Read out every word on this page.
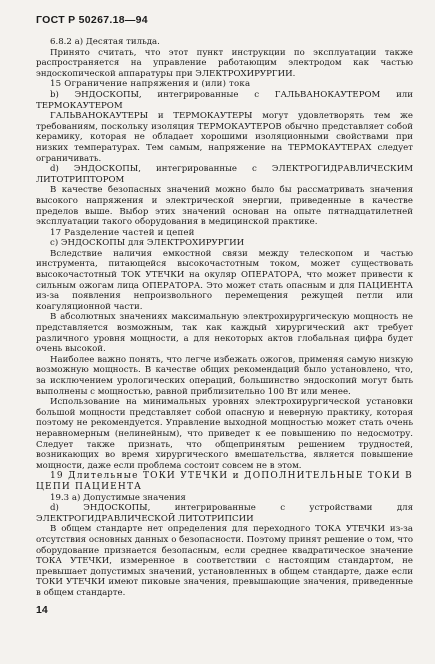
ГОСТ Р 50267.18—94

6.8.2 а) Десятая тильда.

Принято считать, что этот пункт инструкции по эксплуатации также распространяется на управление работающим электродом как частью эндоскопической аппаратуры при ЭЛЕКТРОХИРУРГИИ.

15 Ограничение напряжения и (или) тока

b) ЭНДОСКОПЫ, интегрированные с ГАЛЬВАНОКАУТЕРОМ или ТЕРМОКАУТЕРОМ

ГАЛЬВАНОКАУТЕРЫ и ТЕРМОКАУТЕРЫ могут удовлетворять тем же требованиям, поскольку изоляция ТЕРМОКАУТЕРОВ обычно представляет собой керамику, которая не обладает хорошими изоляционными свойствами при низких температурах. Тем самым, напряжение на ТЕРМОКАУТЕРАХ следует ограничивать.

d) ЭНДОСКОПЫ, интегрированные с ЭЛЕКТРОГИДРАВЛИЧЕСКИМ ЛИТОТРИПТОРОМ

В качестве безопасных значений можно было бы рассматривать значения высокого напряжения и электрической энергии, приведенные в качестве пределов выше. Выбор этих значений основан на опыте пятнадцатилетней эксплуатации такого оборудования в медицинской практике.

17 Разделение частей и цепей

c) ЭНДОСКОПЫ для ЭЛЕКТРОХИРУРГИИ

Вследствие наличия емкостной связи между телескопом и частью инструмента, питающейся высокочастотным током, может существовать высокочастотный ТОК УТЕЧКИ на окуляр ОПЕРАТОРА, что может привести к сильным ожогам лица ОПЕРАТОРА. Это может стать опасным и для ПАЦИЕНТА из-за появления непроизвольного перемещения режущей петли или коагуляционной части.

В абсолютных значениях максимальную электрохирургическую мощность не представляется возможным, так как каждый хирургический акт требует различного уровня мощности, а для некоторых актов глобальная цифра будет очень высокой.

Наиболее важно понять, что легче избежать ожогов, применяя самую низкую возможную мощность. В качестве общих рекомендаций было установлено, что, за исключением урологических операций, большинство эндоскопий могут быть выполнены с мощностью, равной приблизительно 100 Вт или менее.

Использование на минимальных уровнях электрохирургической установки большой мощности представляет собой опасную и неверную практику, которая поэтому не рекомендуется. Управление выходной мощностью может стать очень неравномерным (нелинейным), что приведет к ее повышению по недосмотру. Следует также признать, что общепринятым решением трудностей, возникающих во время хирургического вмешательства, является повышение мощности, даже если проблема состоит совсем не в этом.

19 Длительные ТОКИ УТЕЧКИ и ДОПОЛНИТЕЛЬНЫЕ ТОКИ В ЦЕПИ ПАЦИЕНТА

19.3 а) Допустимые значения

d) ЭНДОСКОПЫ, интегрированные с устройствами для ЭЛЕКТРОГИДРАВЛИЧЕСКОЙ ЛИТОТРИПСИИ

В общем стандарте нет определения для переходного ТОКА УТЕЧКИ из-за отсутствия основных данных о безопасности. Поэтому принят решение о том, что оборудование признается безопасным, если среднее квадратическое значение ТОКА УТЕЧКИ, измеренное в соответствии с настоящим стандартом, не превышает допустимых значений, установленных в общем стандарте, даже если ТОКИ УТЕЧКИ имеют пиковые значения, превышающие значения, приведенные в общем стандарте.

14
